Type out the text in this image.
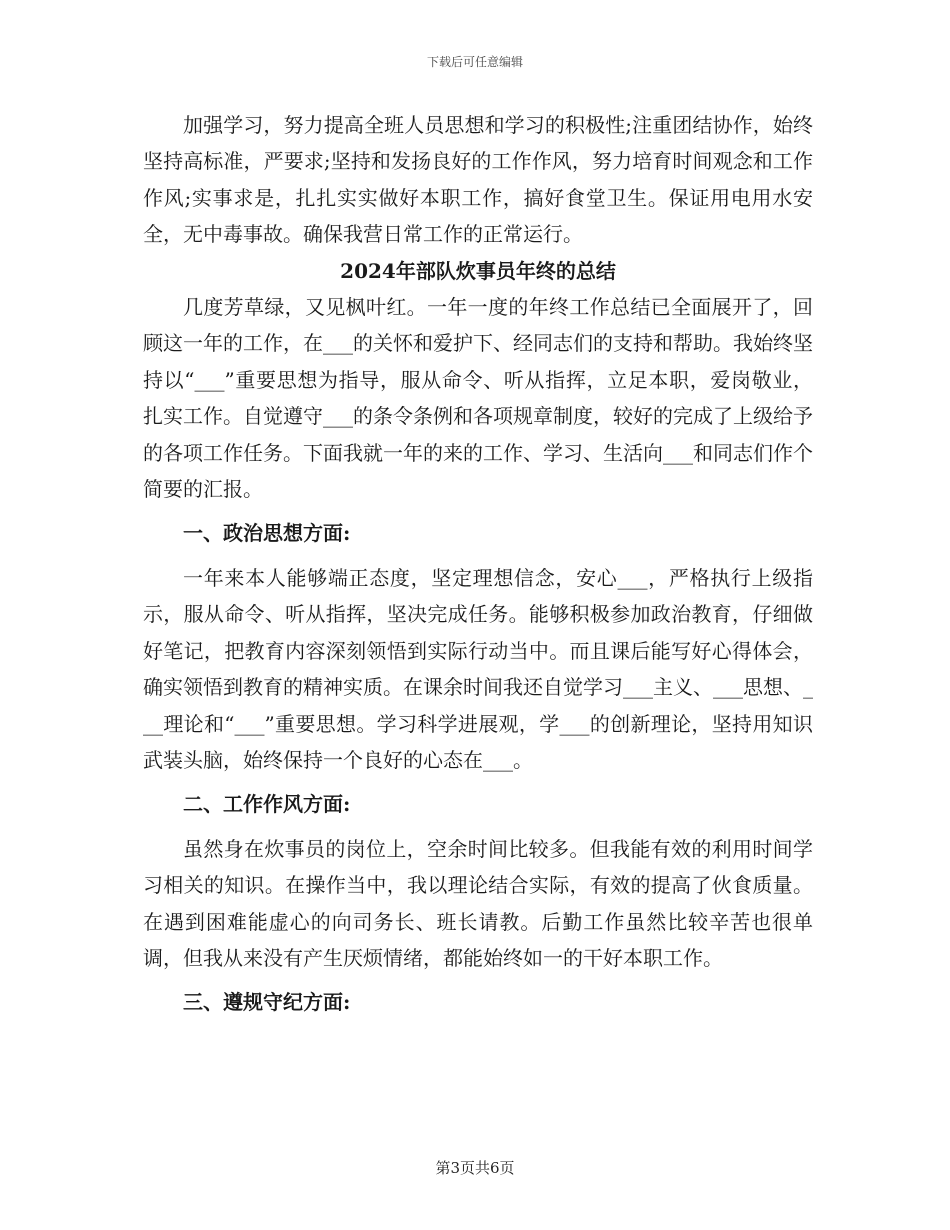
下载后可任意编辑

加强学习，努力提高全班人员思想和学习的积极性;注重团结协作，始终坚持高标准，严要求;坚持和发扬良好的工作作风，努力培育时间观念和工作作风;实事求是，扎扎实实做好本职工作，搞好食堂卫生。保证用电用水安全，无中毒事故。确保我营日常工作的正常运行。

2024年部队炊事员年终的总结

几度芳草绿，又见枫叶红。一年一度的年终工作总结已全面展开了，回顾这一年的工作，在___的关怀和爱护下、经同志们的支持和帮助。我始终坚持以“___”重要思想为指导，服从命令、听从指挥，立足本职，爱岗敬业，扎实工作。自觉遵守___的条令条例和各项规章制度，较好的完成了上级给予的各项工作任务。下面我就一年的来的工作、学习、生活向___和同志们作个简要的汇报。

一、政治思想方面:

一年来本人能够端正态度，坚定理想信念，安心___，严格执行上级指示，服从命令、听从指挥，坚决完成任务。能够积极参加政治教育，仔细做好笔记，把教育内容深刻领悟到实际行动当中。而且课后能写好心得体会，确实领悟到教育的精神实质。在课余时间我还自觉学习___主义、___思想、___理论和“___”重要思想。学习科学进展观，学___的创新理论，坚持用知识武装头脑，始终保持一个良好的心态在___。

二、工作作风方面:

虽然身在炊事员的岗位上，空余时间比较多。但我能有效的利用时间学习相关的知识。在操作当中，我以理论结合实际，有效的提高了伙食质量。在遇到困难能虚心的向司务长、班长请教。后勤工作虽然比较辛苦也很单调，但我从来没有产生厌烦情绪，都能始终如一的干好本职工作。

三、遵规守纪方面:

第3页共6页
